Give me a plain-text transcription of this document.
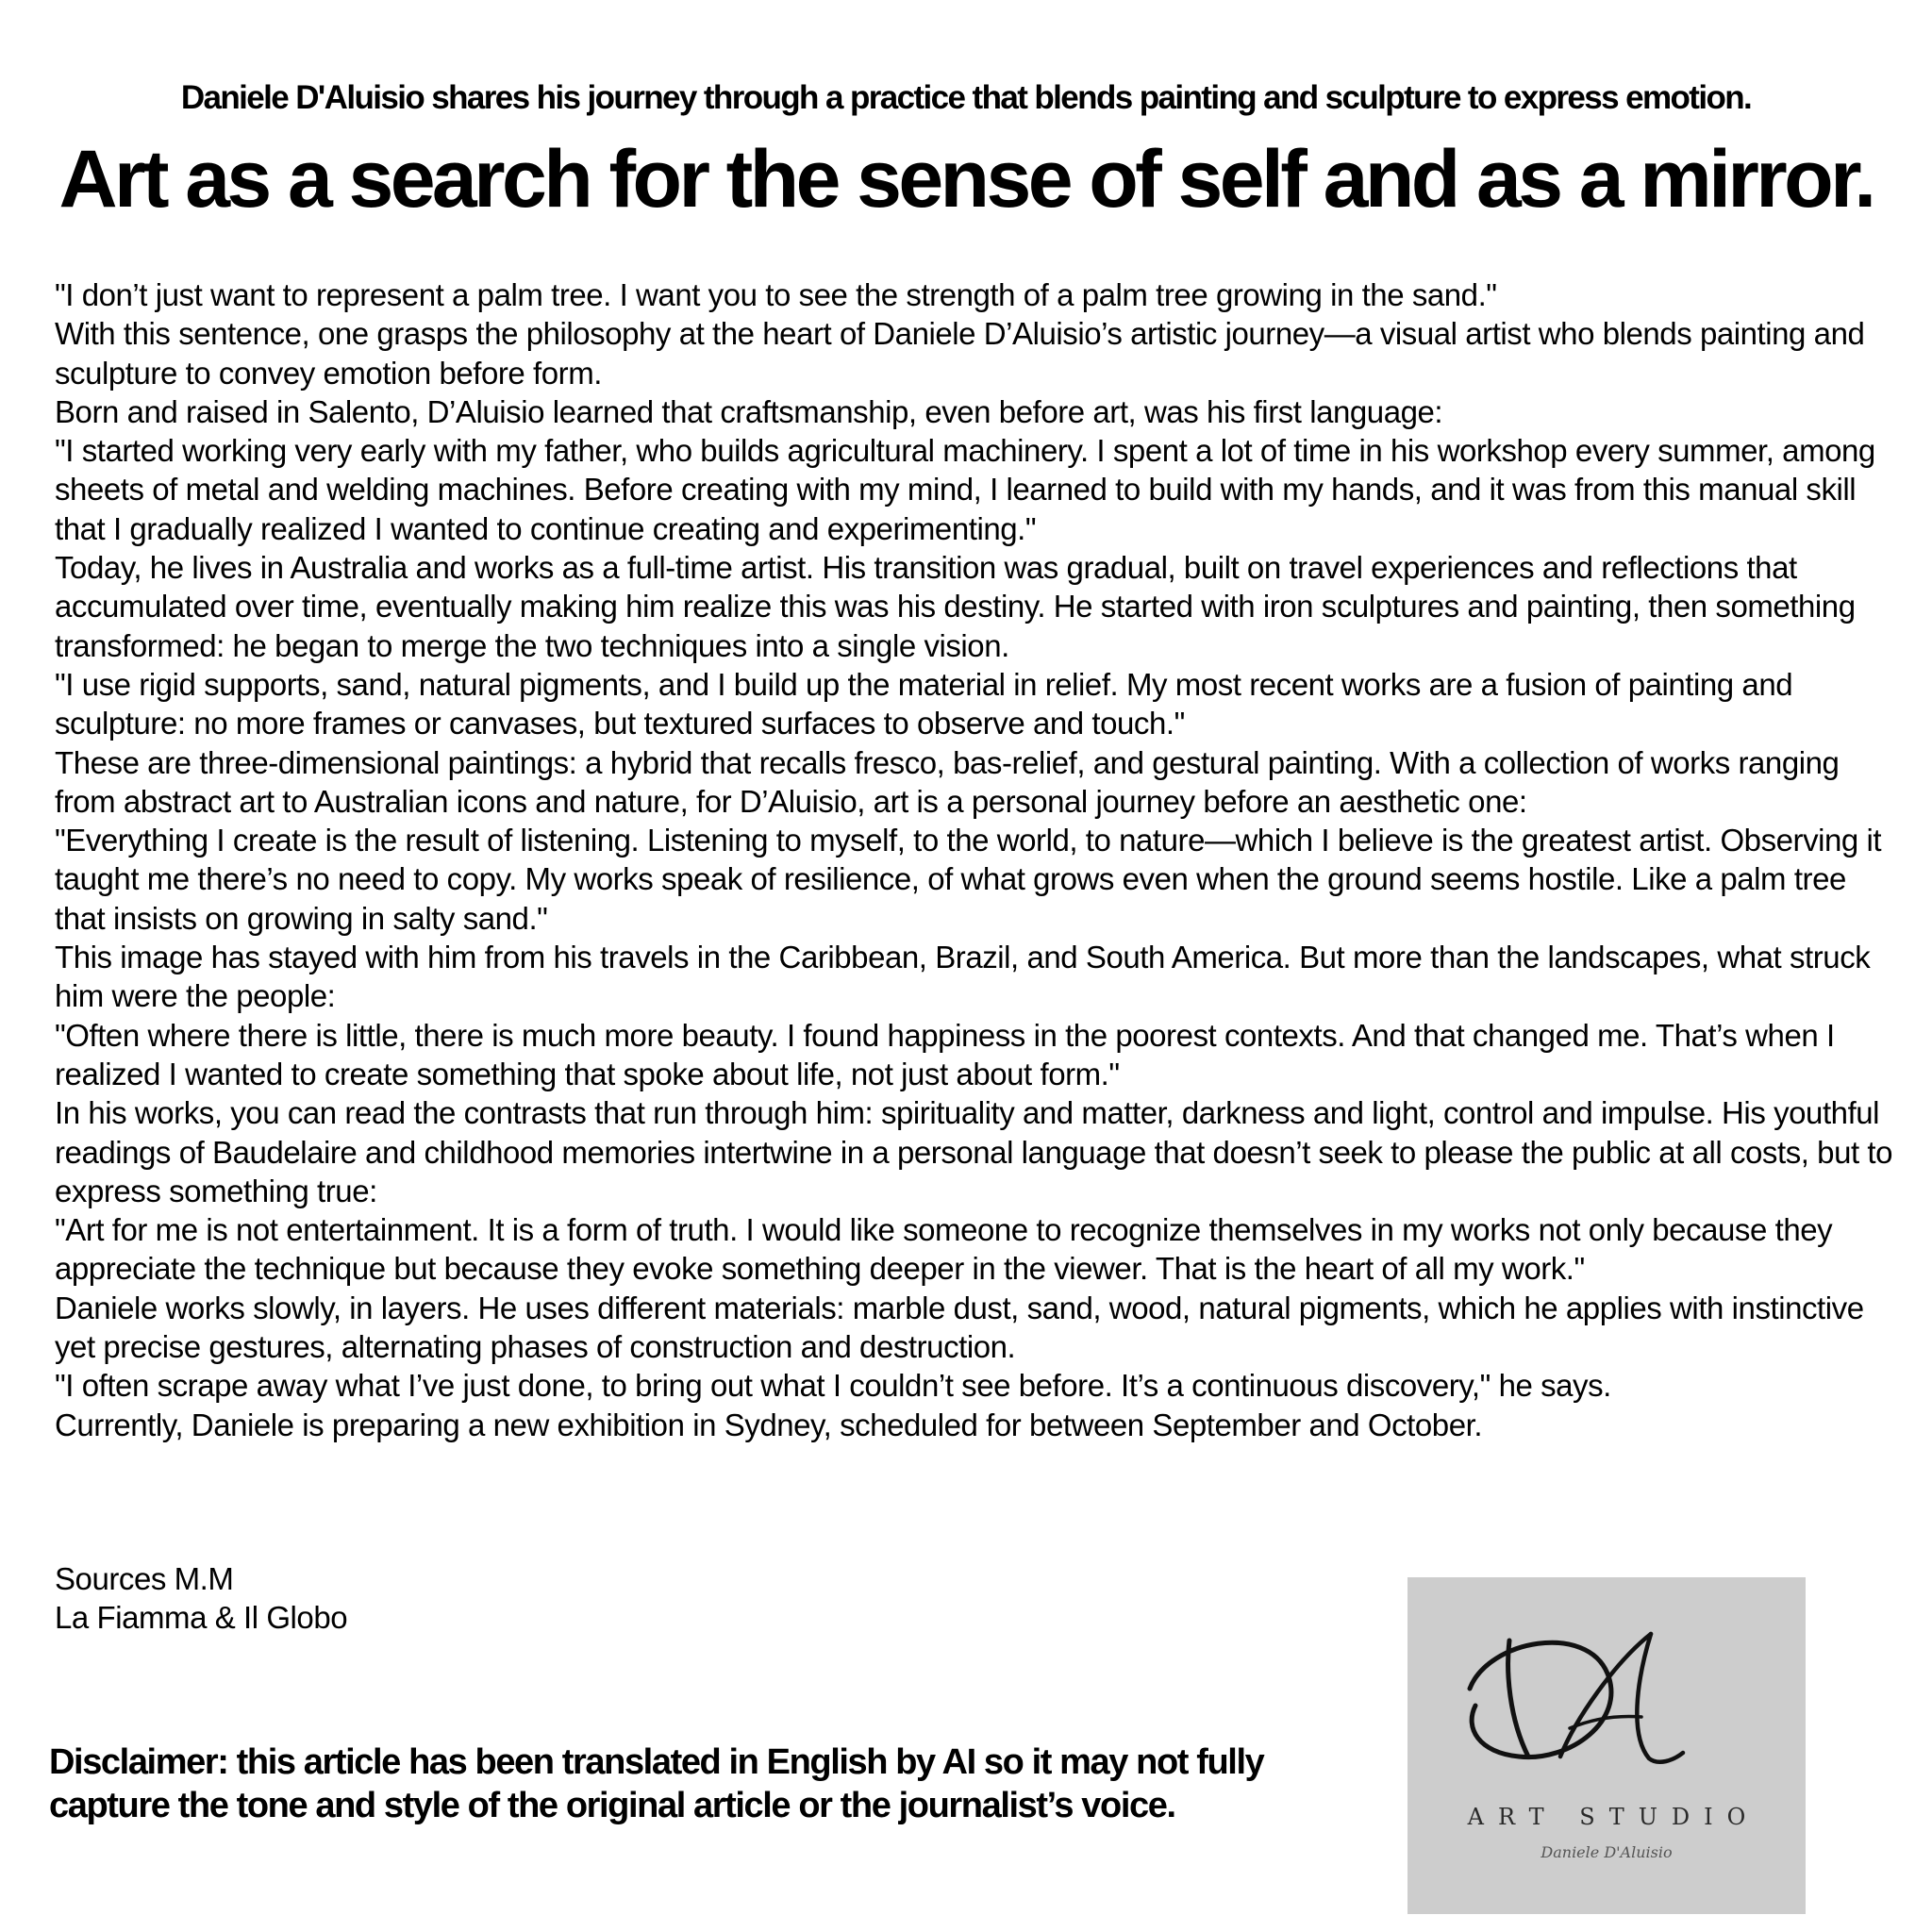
Daniele D'Aluisio shares his journey through a practice that blends painting and sculpture to express emotion.
Art as a search for the sense of self and as a mirror.

"I don’t just want to represent a palm tree. I want you to see the strength of a palm tree growing in the sand."

With this sentence, one grasps the philosophy at the heart of Daniele D’Aluisio’s artistic journey—a visual artist who blends painting and sculpture to convey emotion before form.

Born and raised in Salento, D’Aluisio learned that craftsmanship, even before art, was his first language:

"I started working very early with my father, who builds agricultural machinery. I spent a lot of time in his workshop every summer, among sheets of metal and welding machines. Before creating with my mind, I learned to build with my hands, and it was from this manual skill that I gradually realized I wanted to continue creating and experimenting."

Today, he lives in Australia and works as a full-time artist. His transition was gradual, built on travel experiences and reflections that accumulated over time, eventually making him realize this was his destiny. He started with iron sculptures and painting, then something transformed: he began to merge the two techniques into a single vision.

"I use rigid supports, sand, natural pigments, and I build up the material in relief. My most recent works are a fusion of painting and sculpture: no more frames or canvases, but textured surfaces to observe and touch."

These are three-dimensional paintings: a hybrid that recalls fresco, bas-relief, and gestural painting. With a collection of works ranging from abstract art to Australian icons and nature, for D’Aluisio, art is a personal journey before an aesthetic one:

"Everything I create is the result of listening. Listening to myself, to the world, to nature—which I believe is the greatest artist. Observing it taught me there’s no need to copy. My works speak of resilience, of what grows even when the ground seems hostile. Like a palm tree that insists on growing in salty sand."

This image has stayed with him from his travels in the Caribbean, Brazil, and South America. But more than the landscapes, what struck him were the people:

"Often where there is little, there is much more beauty. I found happiness in the poorest contexts. And that changed me. That’s when I realized I wanted to create something that spoke about life, not just about form."

In his works, you can read the contrasts that run through him: spirituality and matter, darkness and light, control and impulse. His youthful readings of Baudelaire and childhood memories intertwine in a personal language that doesn’t seek to please the public at all costs, but to express something true:

"Art for me is not entertainment. It is a form of truth. I would like someone to recognize themselves in my works not only because they appreciate the technique but because they evoke something deeper in the viewer. That is the heart of all my work."

Daniele works slowly, in layers. He uses different materials: marble dust, sand, wood, natural pigments, which he applies with instinctive yet precise gestures, alternating phases of construction and destruction.

"I often scrape away what I’ve just done, to bring out what I couldn’t see before. It’s a continuous discovery," he says.

Currently, Daniele is preparing a new exhibition in Sydney, scheduled for between September and October.

Sources M.M
La Fiamma & Il Globo
Disclaimer: this article has been translated in English by AI so it may not fully capture the tone and style of the original article or the journalist’s voice.	ART STUDIO
Daniele D'Aluisio
